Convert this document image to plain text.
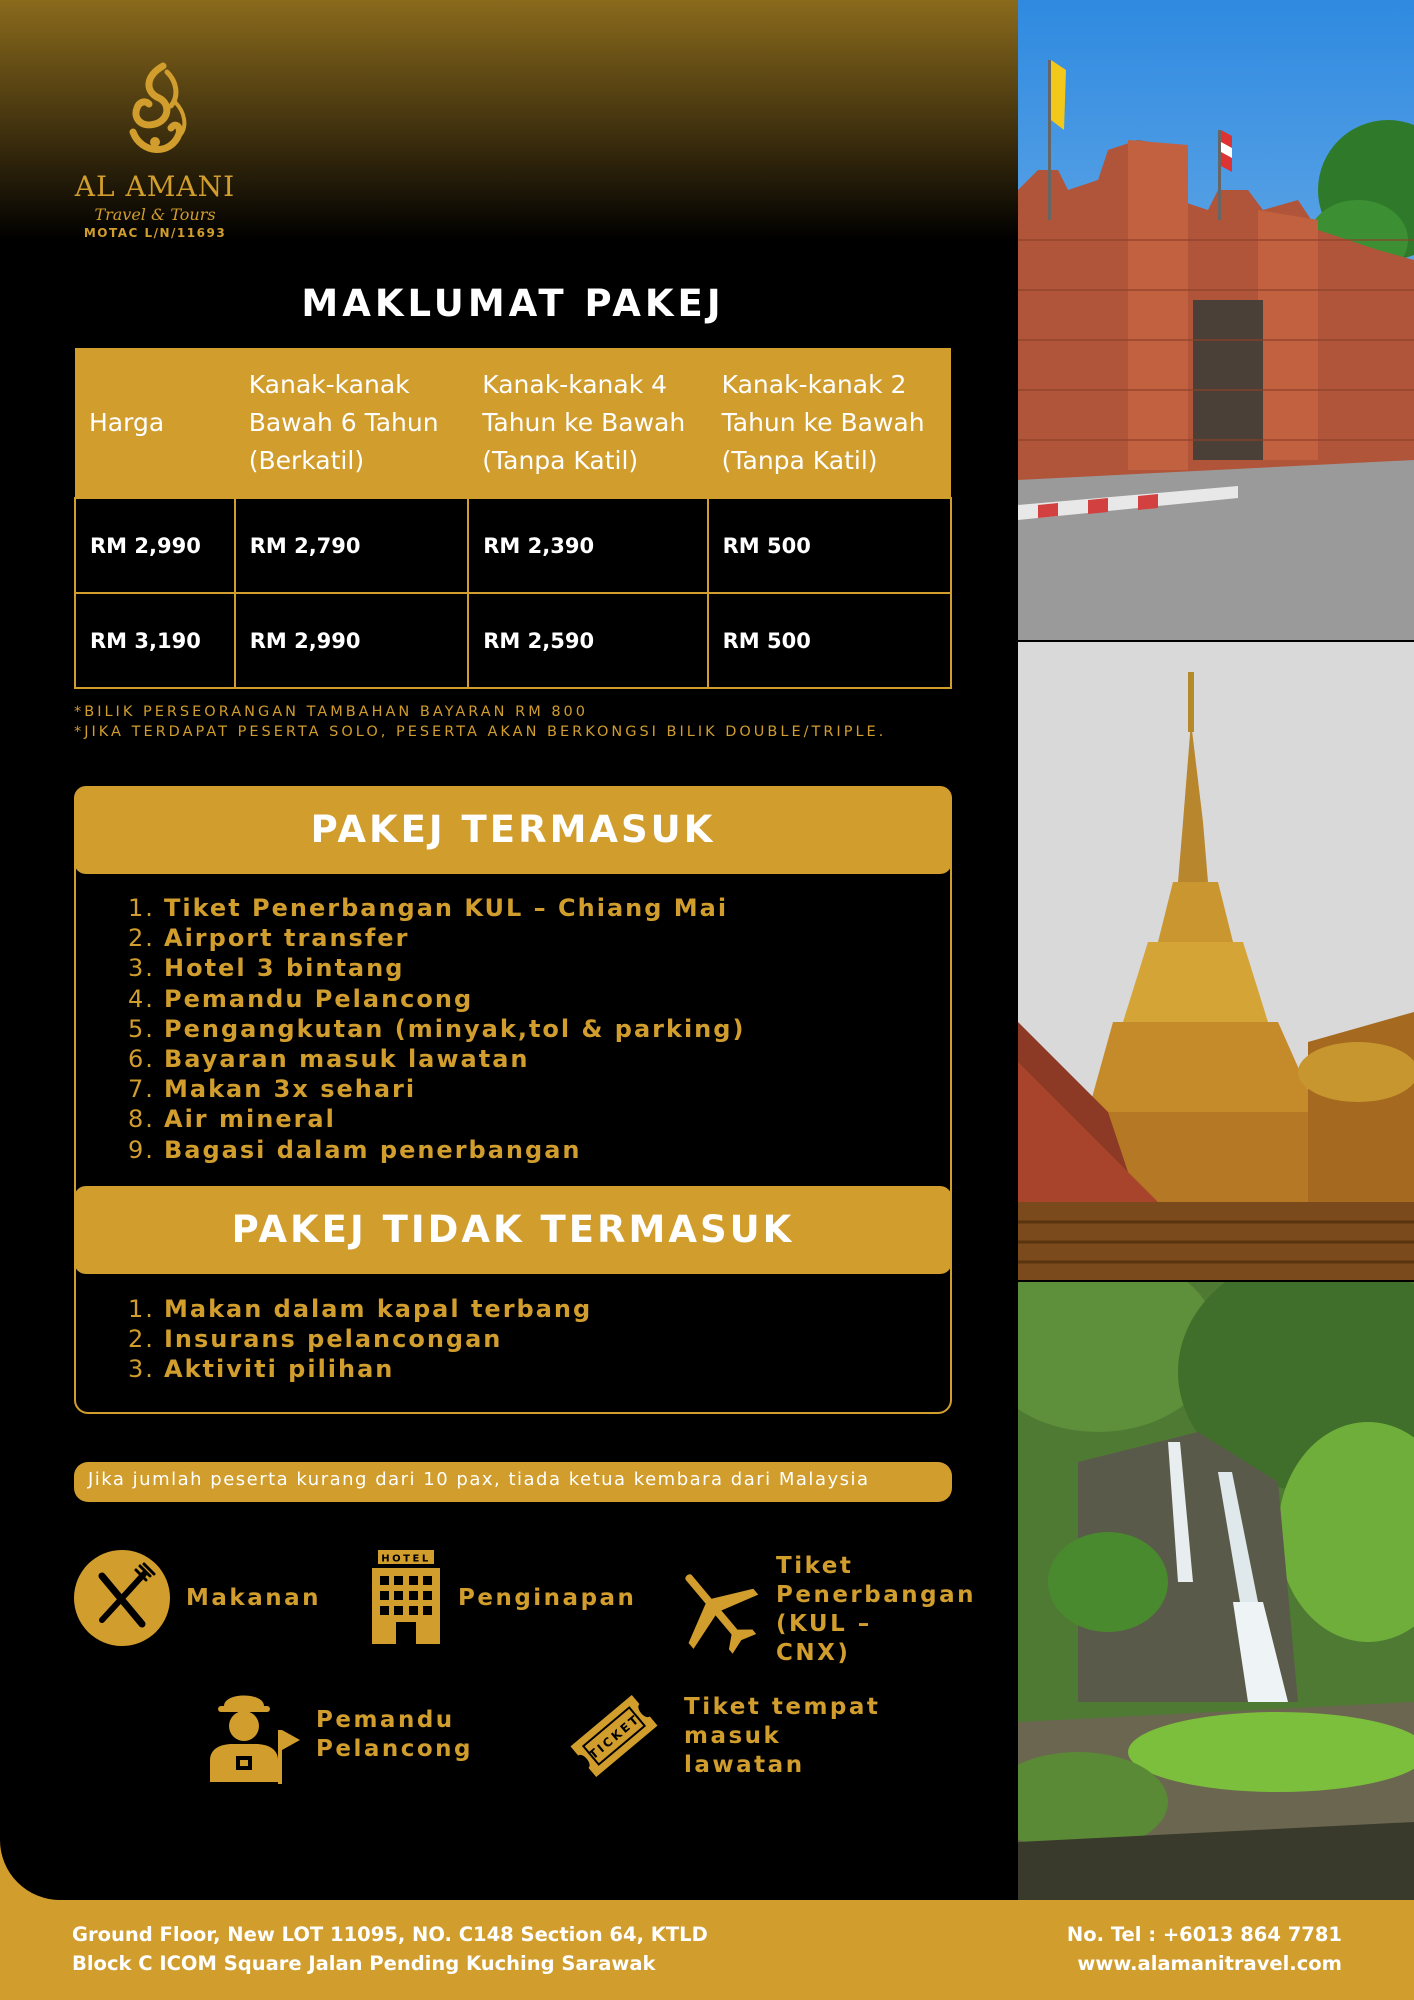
AL AMANI
Travel & Tours
MOTAC L/N/11693
MAKLUMAT PAKEJ
Harga	Kanak-kanak Bawah 6 Tahun (Berkatil)	Kanak-kanak 4 Tahun ke Bawah (Tanpa Katil)	Kanak-kanak 2 Tahun ke Bawah (Tanpa Katil)
RM 2,990	RM 2,790	RM 2,390	RM 500
RM 3,190	RM 2,990	RM 2,590	RM 500
*BILIK PERSEORANGAN TAMBAHAN BAYARAN RM 800
*JIKA TERDAPAT PESERTA SOLO, PESERTA AKAN BERKONGSI BILIK DOUBLE/TRIPLE.
PAKEJ TERMASUK
1. Tiket Penerbangan KUL – Chiang Mai
2. Airport transfer
3. Hotel 3 bintang
4. Pemandu Pelancong
5. Pengangkutan (minyak,tol & parking)
6. Bayaran masuk lawatan
7. Makan 3x sehari
8. Air mineral
9. Bagasi dalam penerbangan
PAKEJ TIDAK TERMASUK
1. Makan dalam kapal terbang
2. Insurans pelancongan
3. Aktiviti pilihan
Jika jumlah peserta kurang dari 10 pax, tiada ketua kembara dari Malaysia
Makanan
HOTEL
Penginapan
Tiket Penerbangan (KUL – CNX)
Pemandu Pelancong	TICKET
Tiket tempat masuk lawatan
Ground Floor, New LOT 11095, NO. C148 Section 64, KTLD
Block C ICOM Square Jalan Pending Kuching Sarawak
No. Tel : +6013 864 7781
www.alamanitravel.com
